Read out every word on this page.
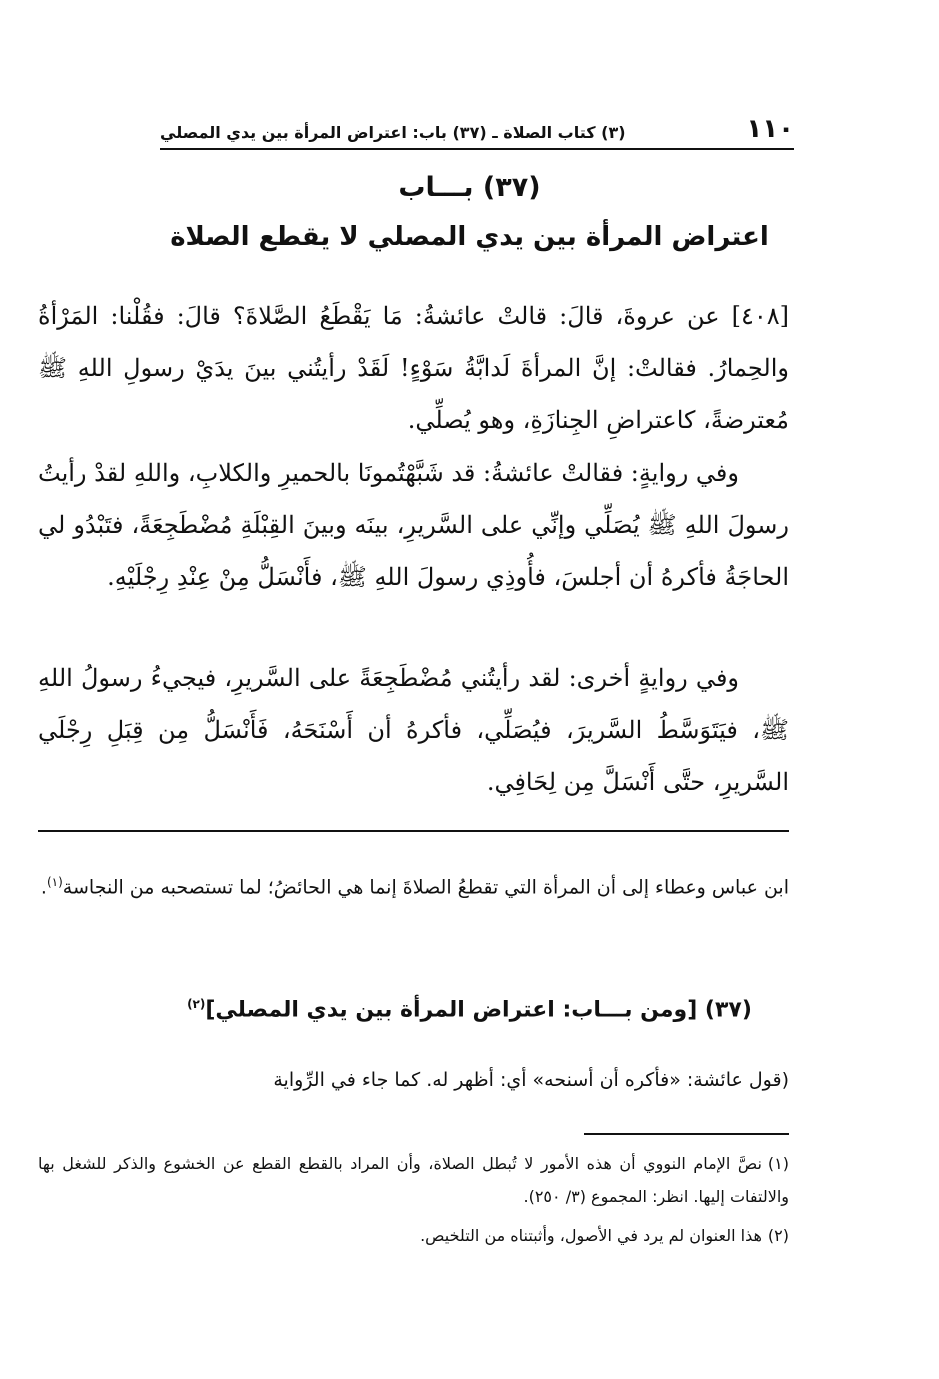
١١٠
(٣) كتاب الصلاة ـ (٣٧) باب: اعتراض المرأة بين يدي المصلي
(٣٧) بـــاب
اعتراض المرأة بين يدي المصلي لا يقطع الصلاة

[٤٠٨] عن عروةَ، قالَ: قالتْ عائشةُ: مَا يَقْطَعُ الصَّلاةَ؟ قالَ: فقُلْنا: المَرْأةُ والحِمارُ. فقالتْ: إنَّ المرأةَ لَدابَّةُ سَوْءٍ! لَقَدْ رأيتُني بينَ يدَيْ رسولِ اللهِ ﷺ مُعترضةً، كاعتراضِ الجِنازَةِ، وهو يُصلِّي.

وفي روايةٍ: فقالتْ عائشةُ: قد شَبَّهْتُمونَا بالحميرِ والكلابِ، واللهِ لقدْ رأيتُ رسولَ اللهِ ﷺ يُصَلِّي وإنِّي على السَّريرِ، بينَه وبينَ القِبْلَةِ مُضْطَجِعَةً، فتَبْدُو لي الحاجَةُ فأكرهُ أن أجلسَ، فأُوذِي رسولَ اللهِ ﷺ، فأَنْسَلُّ مِنْ عِنْدِ رِجْلَيْهِ.

وفي روايةٍ أخرى: لقد رأيتُني مُضْطَجِعَةً على السَّريرِ، فيجيءُ رسولُ اللهِ ﷺ، فيَتَوَسَّطُ السَّريرَ، فيُصَلِّي، فأكرهُ أن أَسْنَحَهُ، فَأَنْسَلُّ مِن قِبَلِ رِجْلَي السَّريرِ، حتَّى أَنْسَلَّ مِن لِحَافِي.

ابن عباس وعطاء إلى أن المرأة التي تقطعُ الصلاةَ إنما هي الحائضُ؛ لما تستصحبه من النجاسة$^{(١)}$.

(٣٧) [ومن بـــاب: اعتراض المرأة بين يدي المصلي]$^{(٢)}$

(قول عائشة: «فأكره أن أسنحه» أي: أظهر له. كما جاء في الرِّواية

(١)نصَّ الإمام النووي أن هذه الأمور لا تُبطل الصلاة، وأن المراد بالقطع القطع عن الخشوع والذكر للشغل بها والالتفات إليها. انظر: المجموع (٣/ ٢٥٠).

(٢)هذا العنوان لم يرد في الأصول، وأثبتناه من التلخيص.
